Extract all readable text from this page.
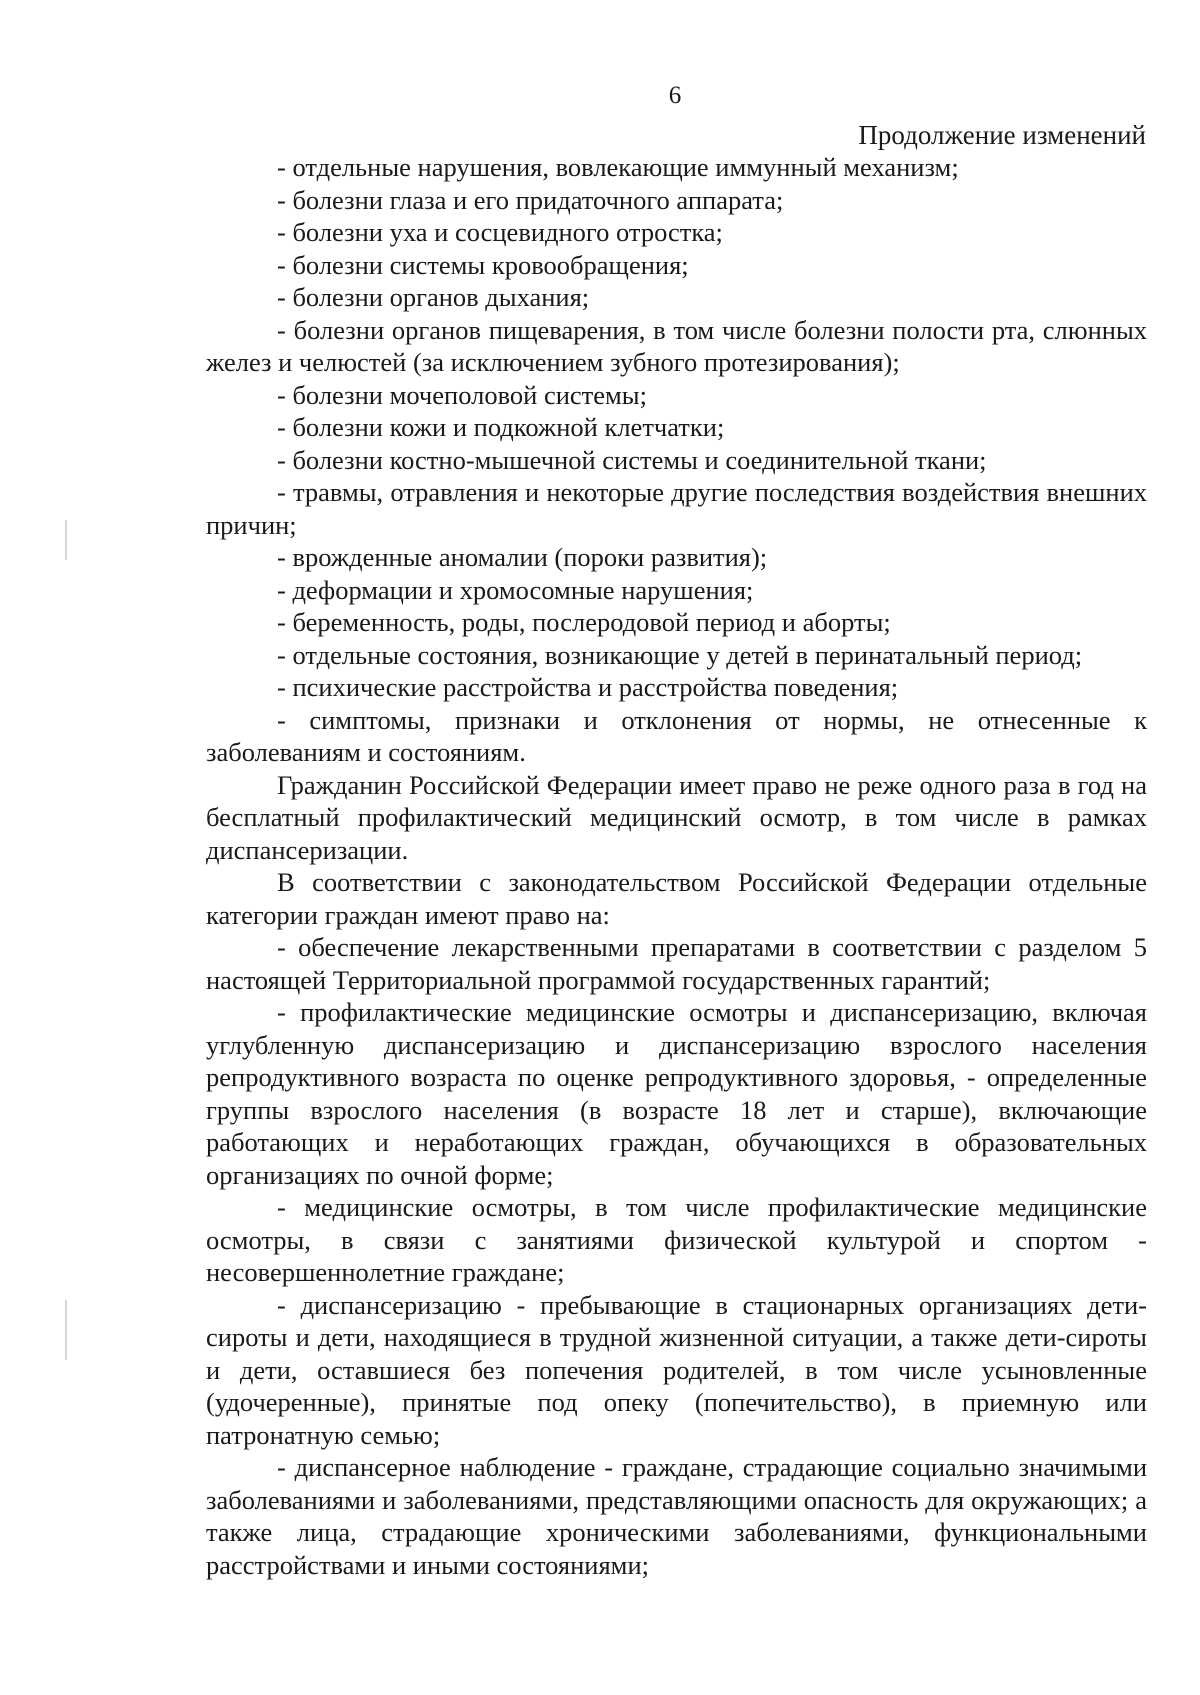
6
Продолжение изменений

- отдельные нарушения, вовлекающие иммунный механизм;

- болезни глаза и его придаточного аппарата;

- болезни уха и сосцевидного отростка;

- болезни системы кровообращения;

- болезни органов дыхания;

- болезни органов пищеварения, в том числе болезни полости рта, слюнных желез и челюстей (за исключением зубного протезирования);

- болезни мочеполовой системы;

- болезни кожи и подкожной клетчатки;

- болезни костно-мышечной системы и соединительной ткани;

- травмы, отравления и некоторые другие последствия воздействия внешних причин;

- врожденные аномалии (пороки развития);

- деформации и хромосомные нарушения;

- беременность, роды, послеродовой период и аборты;

- отдельные состояния, возникающие у детей в перинатальный период;

- психические расстройства и расстройства поведения;

- симптомы, признаки и отклонения от нормы, не отнесенные к заболеваниям и состояниям.

Гражданин Российской Федерации имеет право не реже одного раза в год на бесплатный профилактический медицинский осмотр, в том числе в рамках диспансеризации.

В соответствии с законодательством Российской Федерации отдельные категории граждан имеют право на:

- обеспечение лекарственными препаратами в соответствии с разделом 5 настоящей Территориальной программой государственных гарантий;

- профилактические медицинские осмотры и диспансеризацию, включая углубленную диспансеризацию и диспансеризацию взрослого населения репродуктивного возраста по оценке репродуктивного здоровья, - определенные группы взрослого населения (в возрасте 18 лет и старше), включающие работающих и неработающих граждан, обучающихся в образовательных организациях по очной форме;

- медицинские осмотры, в том числе профилактические медицинские осмотры, в связи с занятиями физической культурой и спортом - несовершеннолетние граждане;

- диспансеризацию - пребывающие в стационарных организациях дети-сироты и дети, находящиеся в трудной жизненной ситуации, а также дети-сироты и дети, оставшиеся без попечения родителей, в том числе усыновленные (удочеренные), принятые под опеку (попечительство), в приемную или патронатную семью;

- диспансерное наблюдение - граждане, страдающие социально значимыми заболеваниями и заболеваниями, представляющими опасность для окружающих; а также лица, страдающие хроническими заболеваниями, функциональными расстройствами и иными состояниями;
